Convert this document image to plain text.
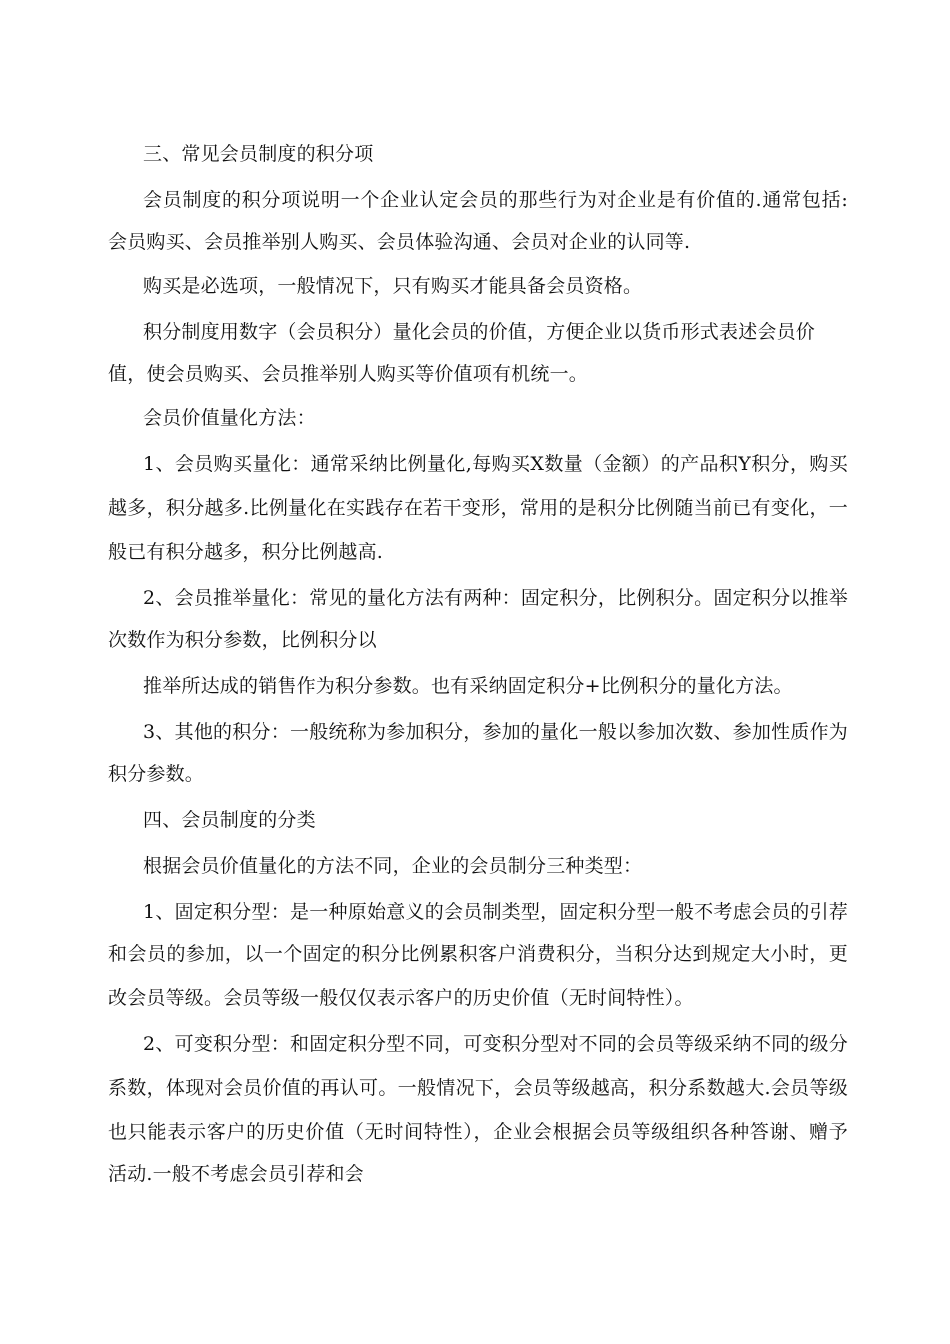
三、常见会员制度的积分项
会员制度的积分项说明一个企业认定会员的那些行为对企业是有价值的.通常包括:
会员购买、会员推举别人购买、会员体验沟通、会员对企业的认同等.
购买是必选项，一般情况下，只有购买才能具备会员资格。
积分制度用数字（会员积分）量化会员的价值，方便企业以货币形式表述会员价
值，使会员购买、会员推举别人购买等价值项有机统一。
会员价值量化方法：
1、会员购买量化：通常采纳比例量化,每购买X数量（金额）的产品积Y积分，购买
越多，积分越多.比例量化在实践存在若干变形，常用的是积分比例随当前已有变化，一
般已有积分越多，积分比例越高.
2、会员推举量化：常见的量化方法有两种：固定积分，比例积分。固定积分以推举
次数作为积分参数，比例积分以
推举所达成的销售作为积分参数。也有采纳固定积分+比例积分的量化方法。
3、其他的积分：一般统称为参加积分，参加的量化一般以参加次数、参加性质作为
积分参数。
四、会员制度的分类
根据会员价值量化的方法不同，企业的会员制分三种类型：
1、固定积分型：是一种原始意义的会员制类型，固定积分型一般不考虑会员的引荐
和会员的参加，以一个固定的积分比例累积客户消费积分，当积分达到规定大小时，更
改会员等级。会员等级一般仅仅表示客户的历史价值（无时间特性）。
2、可变积分型：和固定积分型不同，可变积分型对不同的会员等级采纳不同的级分
系数，体现对会员价值的再认可。一般情况下，会员等级越高，积分系数越大.会员等级
也只能表示客户的历史价值（无时间特性），企业会根据会员等级组织各种答谢、赠予
活动.一般不考虑会员引荐和会
